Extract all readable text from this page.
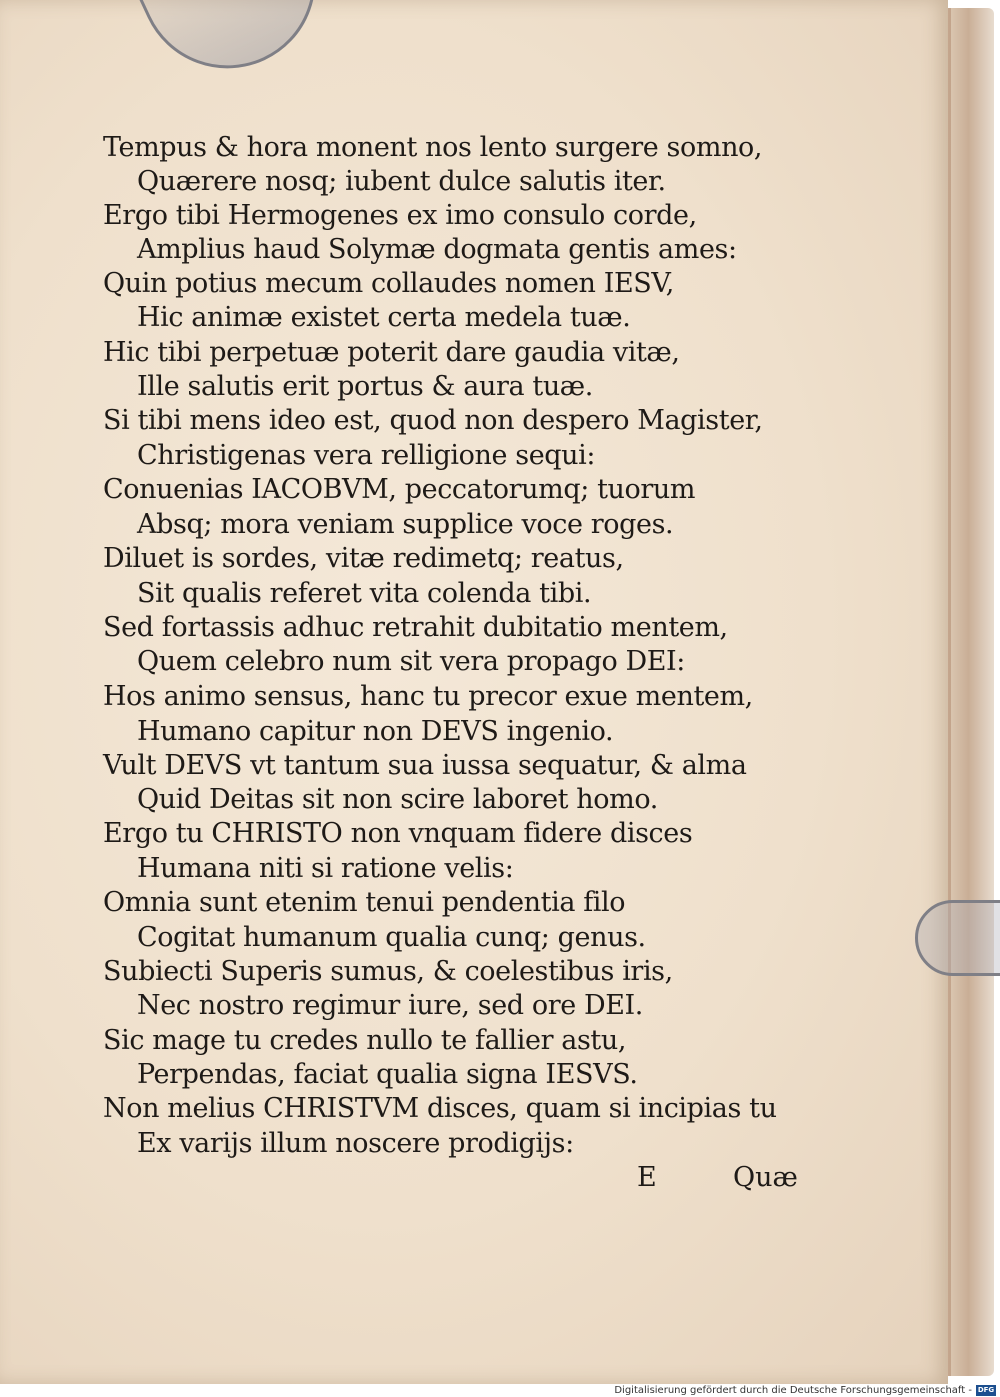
Tempus & hora monent nos lento surgere somno,
Quærere nosq; iubent dulce salutis iter.
Ergo tibi Hermogenes ex imo consulo corde,
Amplius haud Solymæ dogmata gentis ames:
Quin potius mecum collaudes nomen IESV,
Hic animæ existet certa medela tuæ.
Hic tibi perpetuæ poterit dare gaudia vitæ,
Ille salutis erit portus & aura tuæ.
Si tibi mens ideo est, quod non despero Magister,
Christigenas vera relligione sequi:
Conuenias IACOBVM, peccatorumq; tuorum
Absq; mora veniam supplice voce roges.
Diluet is sordes, vitæ redimetq; reatus,
Sit qualis referet vita colenda tibi.
Sed fortassis adhuc retrahit dubitatio mentem,
Quem celebro num sit vera propago DEI:
Hos animo sensus, hanc tu precor exue mentem,
Humano capitur non DEVS ingenio.
Vult DEVS vt tantum sua iussa sequatur, & alma
Quid Deitas sit non scire laboret homo.
Ergo tu CHRISTO non vnquam fidere disces
Humana niti si ratione velis:
Omnia sunt etenim tenui pendentia filo
Cogitat humanum qualia cunq; genus.
Subiecti Superis sumus, & coelestibus iris,
Nec nostro regimur iure, sed ore DEI.
Sic mage tu credes nullo te fallier astu,
Perpendas, faciat qualia signa IESVS.
Non melius CHRISTVM disces, quam si incipias tu
Ex varijs illum noscere prodigijs:
E	Quæ
Digitalisierung gefördert durch die Deutsche Forschungsgemeinschaft - DFG
